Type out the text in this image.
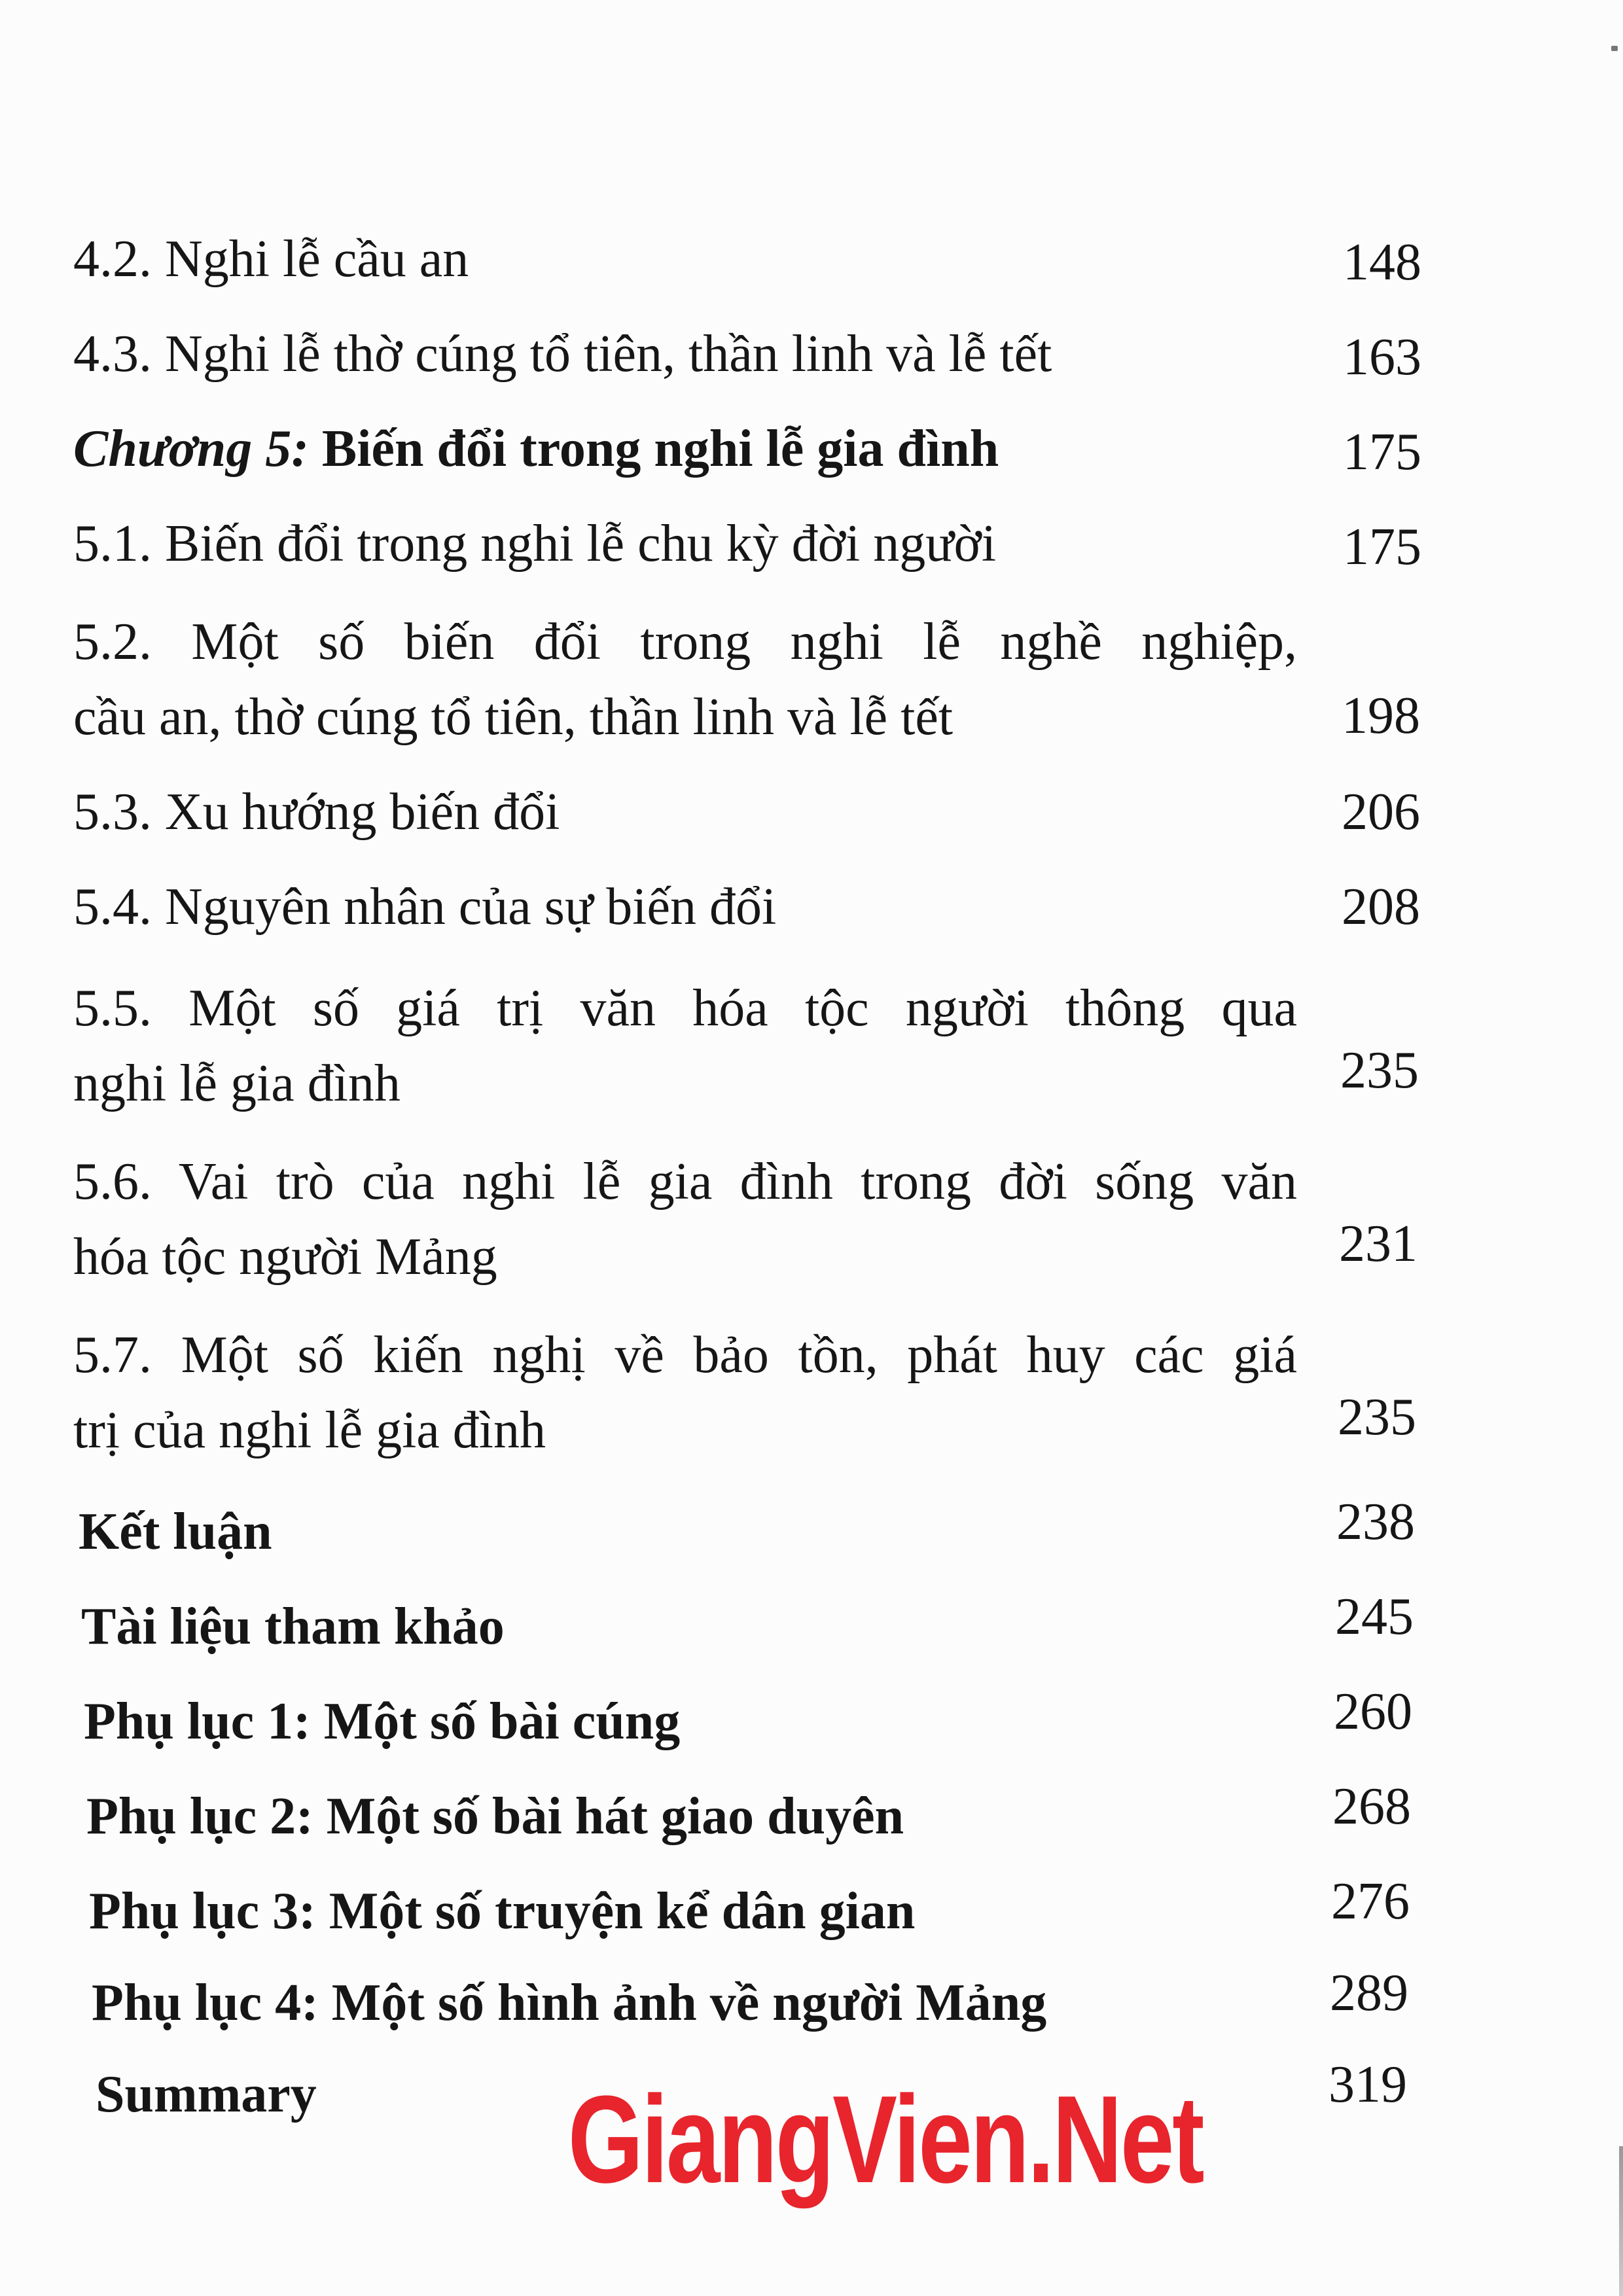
4.2. Nghi lễ cầu an	148
4.3. Nghi lễ thờ cúng tổ tiên, thần linh và lễ tết	163
Chương 5: Biến đổi trong nghi lễ gia đình	175
5.1. Biến đổi trong nghi lễ chu kỳ đời người	175
5.2. Một số biến đổi trong nghi lễ nghề nghiệp,
cầu an, thờ cúng tổ tiên, thần linh và lễ tết	198
5.3. Xu hướng biến đổi	206
5.4. Nguyên nhân của sự biến đổi	208
5.5. Một số giá trị văn hóa tộc người thông qua
nghi lễ gia đình	235
5.6. Vai trò của nghi lễ gia đình trong đời sống văn
hóa tộc người Mảng	231
5.7. Một số kiến nghị về bảo tồn, phát huy các giá
trị của nghi lễ gia đình	235
Kết luận	238
Tài liệu tham khảo	245
Phụ lục 1: Một số bài cúng	260
Phụ lục 2: Một số bài hát giao duyên	268
Phụ lục 3: Một số truyện kể dân gian	276
Phụ lục 4: Một số hình ảnh về người Mảng	289
Summary	319
GiangVien.Net
